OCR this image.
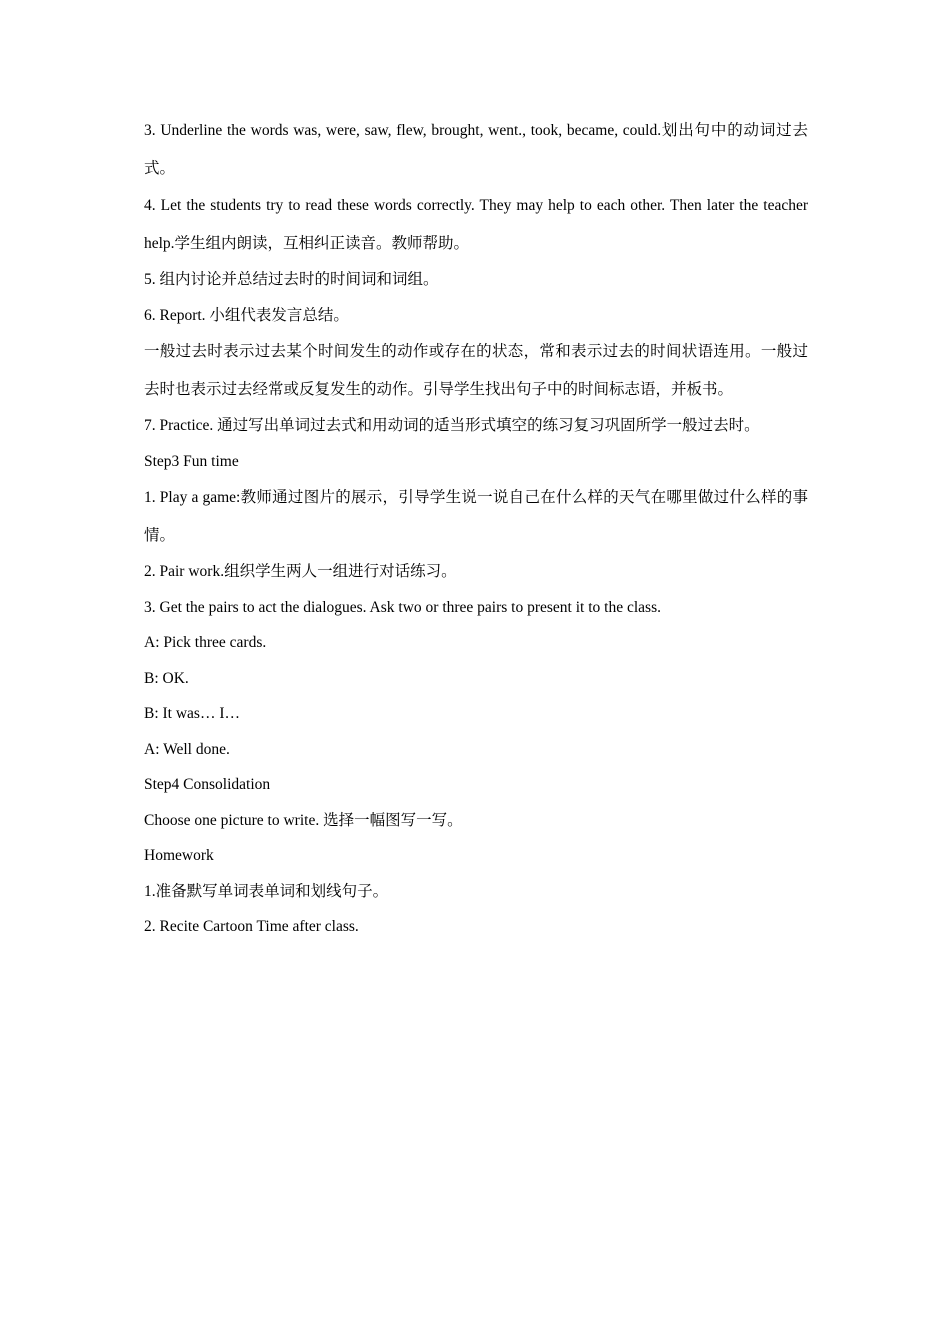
3. Underline the words was, were, saw, flew, brought, went., took, became, could.划出句中的动词过去式。

4. Let the students try to read these words correctly. They may help to each other. Then later the teacher help.学生组内朗读，互相纠正读音。教师帮助。

5. 组内讨论并总结过去时的时间词和词组。

6. Report. 小组代表发言总结。

一般过去时表示过去某个时间发生的动作或存在的状态，常和表示过去的时间状语连用。一般过去时也表示过去经常或反复发生的动作。引导学生找出句子中的时间标志语，并板书。

7. Practice. 通过写出单词过去式和用动词的适当形式填空的练习复习巩固所学一般过去时。

Step3 Fun time

1. Play a game:教师通过图片的展示，引导学生说一说自己在什么样的天气在哪里做过什么样的事情。

2. Pair work.组织学生两人一组进行对话练习。

3. Get the pairs to act the dialogues. Ask two or three pairs to present it to the class.

A: Pick three cards.

B: OK.

B: It was… I…

A: Well done.

Step4 Consolidation

Choose one picture to write. 选择一幅图写一写。

Homework

1.准备默写单词表单词和划线句子。

2. Recite Cartoon Time after class.
